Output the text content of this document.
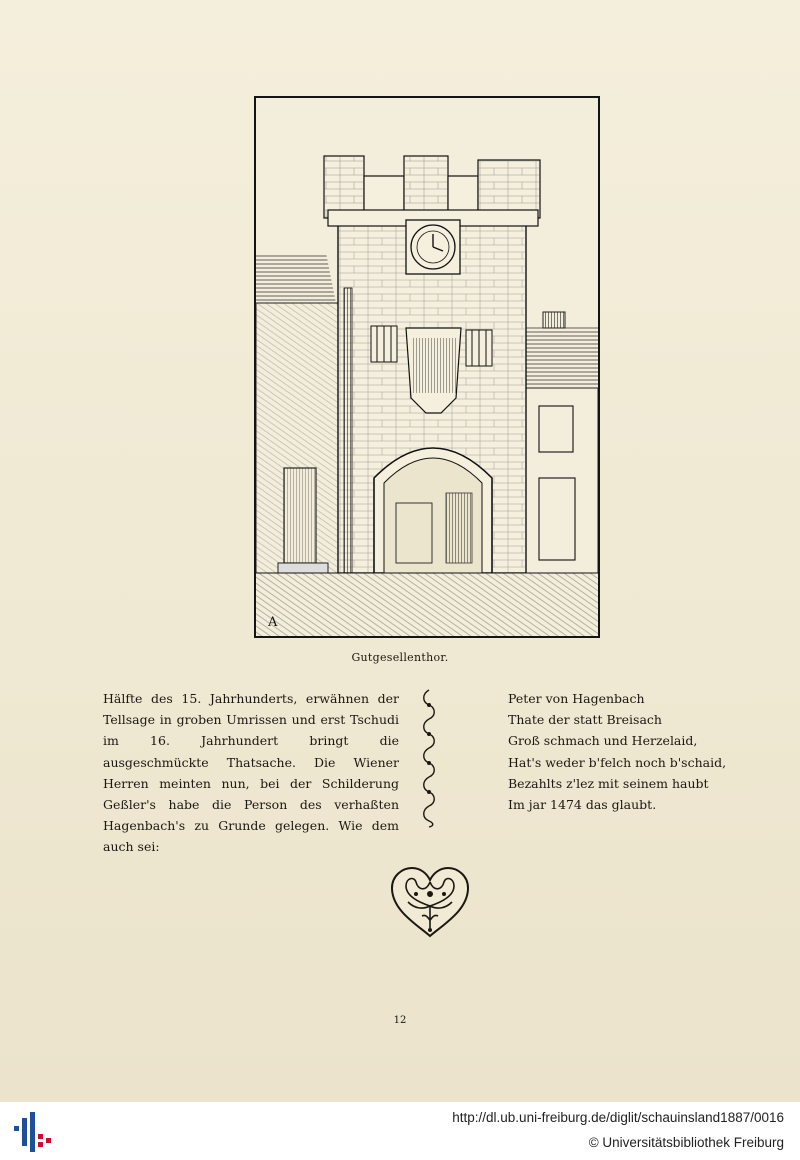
A
Gutgesellenthor.

Hälfte des 15. Jahrhunderts, erwähnen der Tellsage in groben Umrissen und erst Tschudi im 16. Jahrhundert bringt die ausgeschmückte Thatsache. Die Wiener Herren meinten nun, bei der Schilderung Geßler's habe die Person des verhaßten Hagenbach's zu Grunde gelegen. Wie dem auch sei:

Peter von Hagenbach
Thate der statt Breisach
Groß schmach und Herzelaid,
Hat's weder b'felch noch b'schaid,
Bezahlts z'lez mit seinem haubt
Im jar 1474 das glaubt.
12
http://dl.ub.uni-freiburg.de/diglit/schauinsland1887/0016
© Universitätsbibliothek Freiburg
